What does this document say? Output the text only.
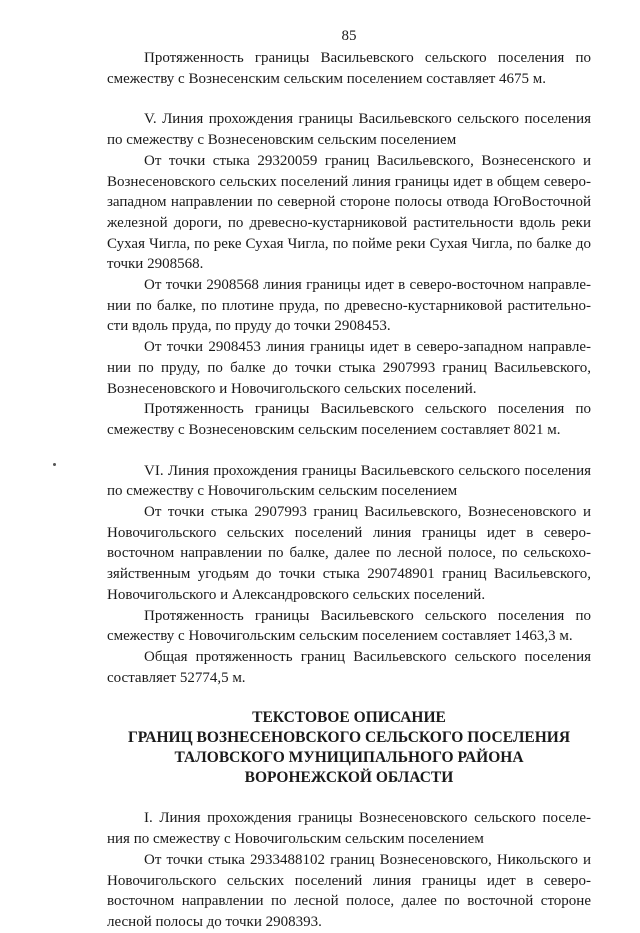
85

Протяженность границы Васильевского сельского поселения по смежеству с Вознесенским сельским поселением составляет 4675 м.

V. Линия прохождения границы Васильевского сельского поселения по смежеству с Вознесеновским сельским поселением

От точки стыка 29320059 границ Васильевского, Вознесенского и Вознесеновского сельских поселений линия границы идет в общем северозападном направлении по северной стороне полосы отвода ЮгоВосточной железной дороги, по древесно-кустарниковой растительности вдоль реки Сухая Чигла, по реке Сухая Чигла, по пойме реки Сухая Чигла, по балке до точки 2908568.

От точки 2908568 линия границы идет в северо-восточном направлении по балке, по плотине пруда, по древесно-кустарниковой растительности вдоль пруда, по пруду до точки 2908453.

От точки 2908453 линия границы идет в северо-западном направлении по пруду, по балке до точки стыка 2907993 границ Васильевского, Вознесеновского и Новочигольского сельских поселений.

Протяженность границы Васильевского сельского поселения по смежеству с Вознесеновским сельским поселением составляет 8021 м.

VI. Линия прохождения границы Васильевского сельского поселения по смежеству с Новочигольским сельским поселением

От точки стыка 2907993 границ Васильевского, Вознесеновского и Новочигольского сельских поселений линия границы идет в северовосточном направлении по балке, далее по лесной полосе, по сельскохозяйственным угодьям до точки стыка 290748901 границ Васильевского, Новочигольского и Александровского сельских поселений.

Протяженность границы Васильевского сельского поселения по смежеству с Новочигольским сельским поселением составляет 1463,3 м.

Общая протяженность границ Васильевского сельского поселения составляет 52774,5 м.

ТЕКСТОВОЕ ОПИСАНИЕ

ГРАНИЦ ВОЗНЕСЕНОВСКОГО СЕЛЬСКОГО ПОСЕЛЕНИЯ

ТАЛОВСКОГО МУНИЦИПАЛЬНОГО РАЙОНА

ВОРОНЕЖСКОЙ ОБЛАСТИ

I. Линия прохождения границы Вознесеновского сельского поселения по смежеству с Новочигольским сельским поселением

От точки стыка 2933488102 границ Вознесеновского, Никольского и Новочигольского сельских поселений линия границы идет в северовосточном направлении по лесной полосе, далее по восточной стороне лесной полосы до точки 2908393.
